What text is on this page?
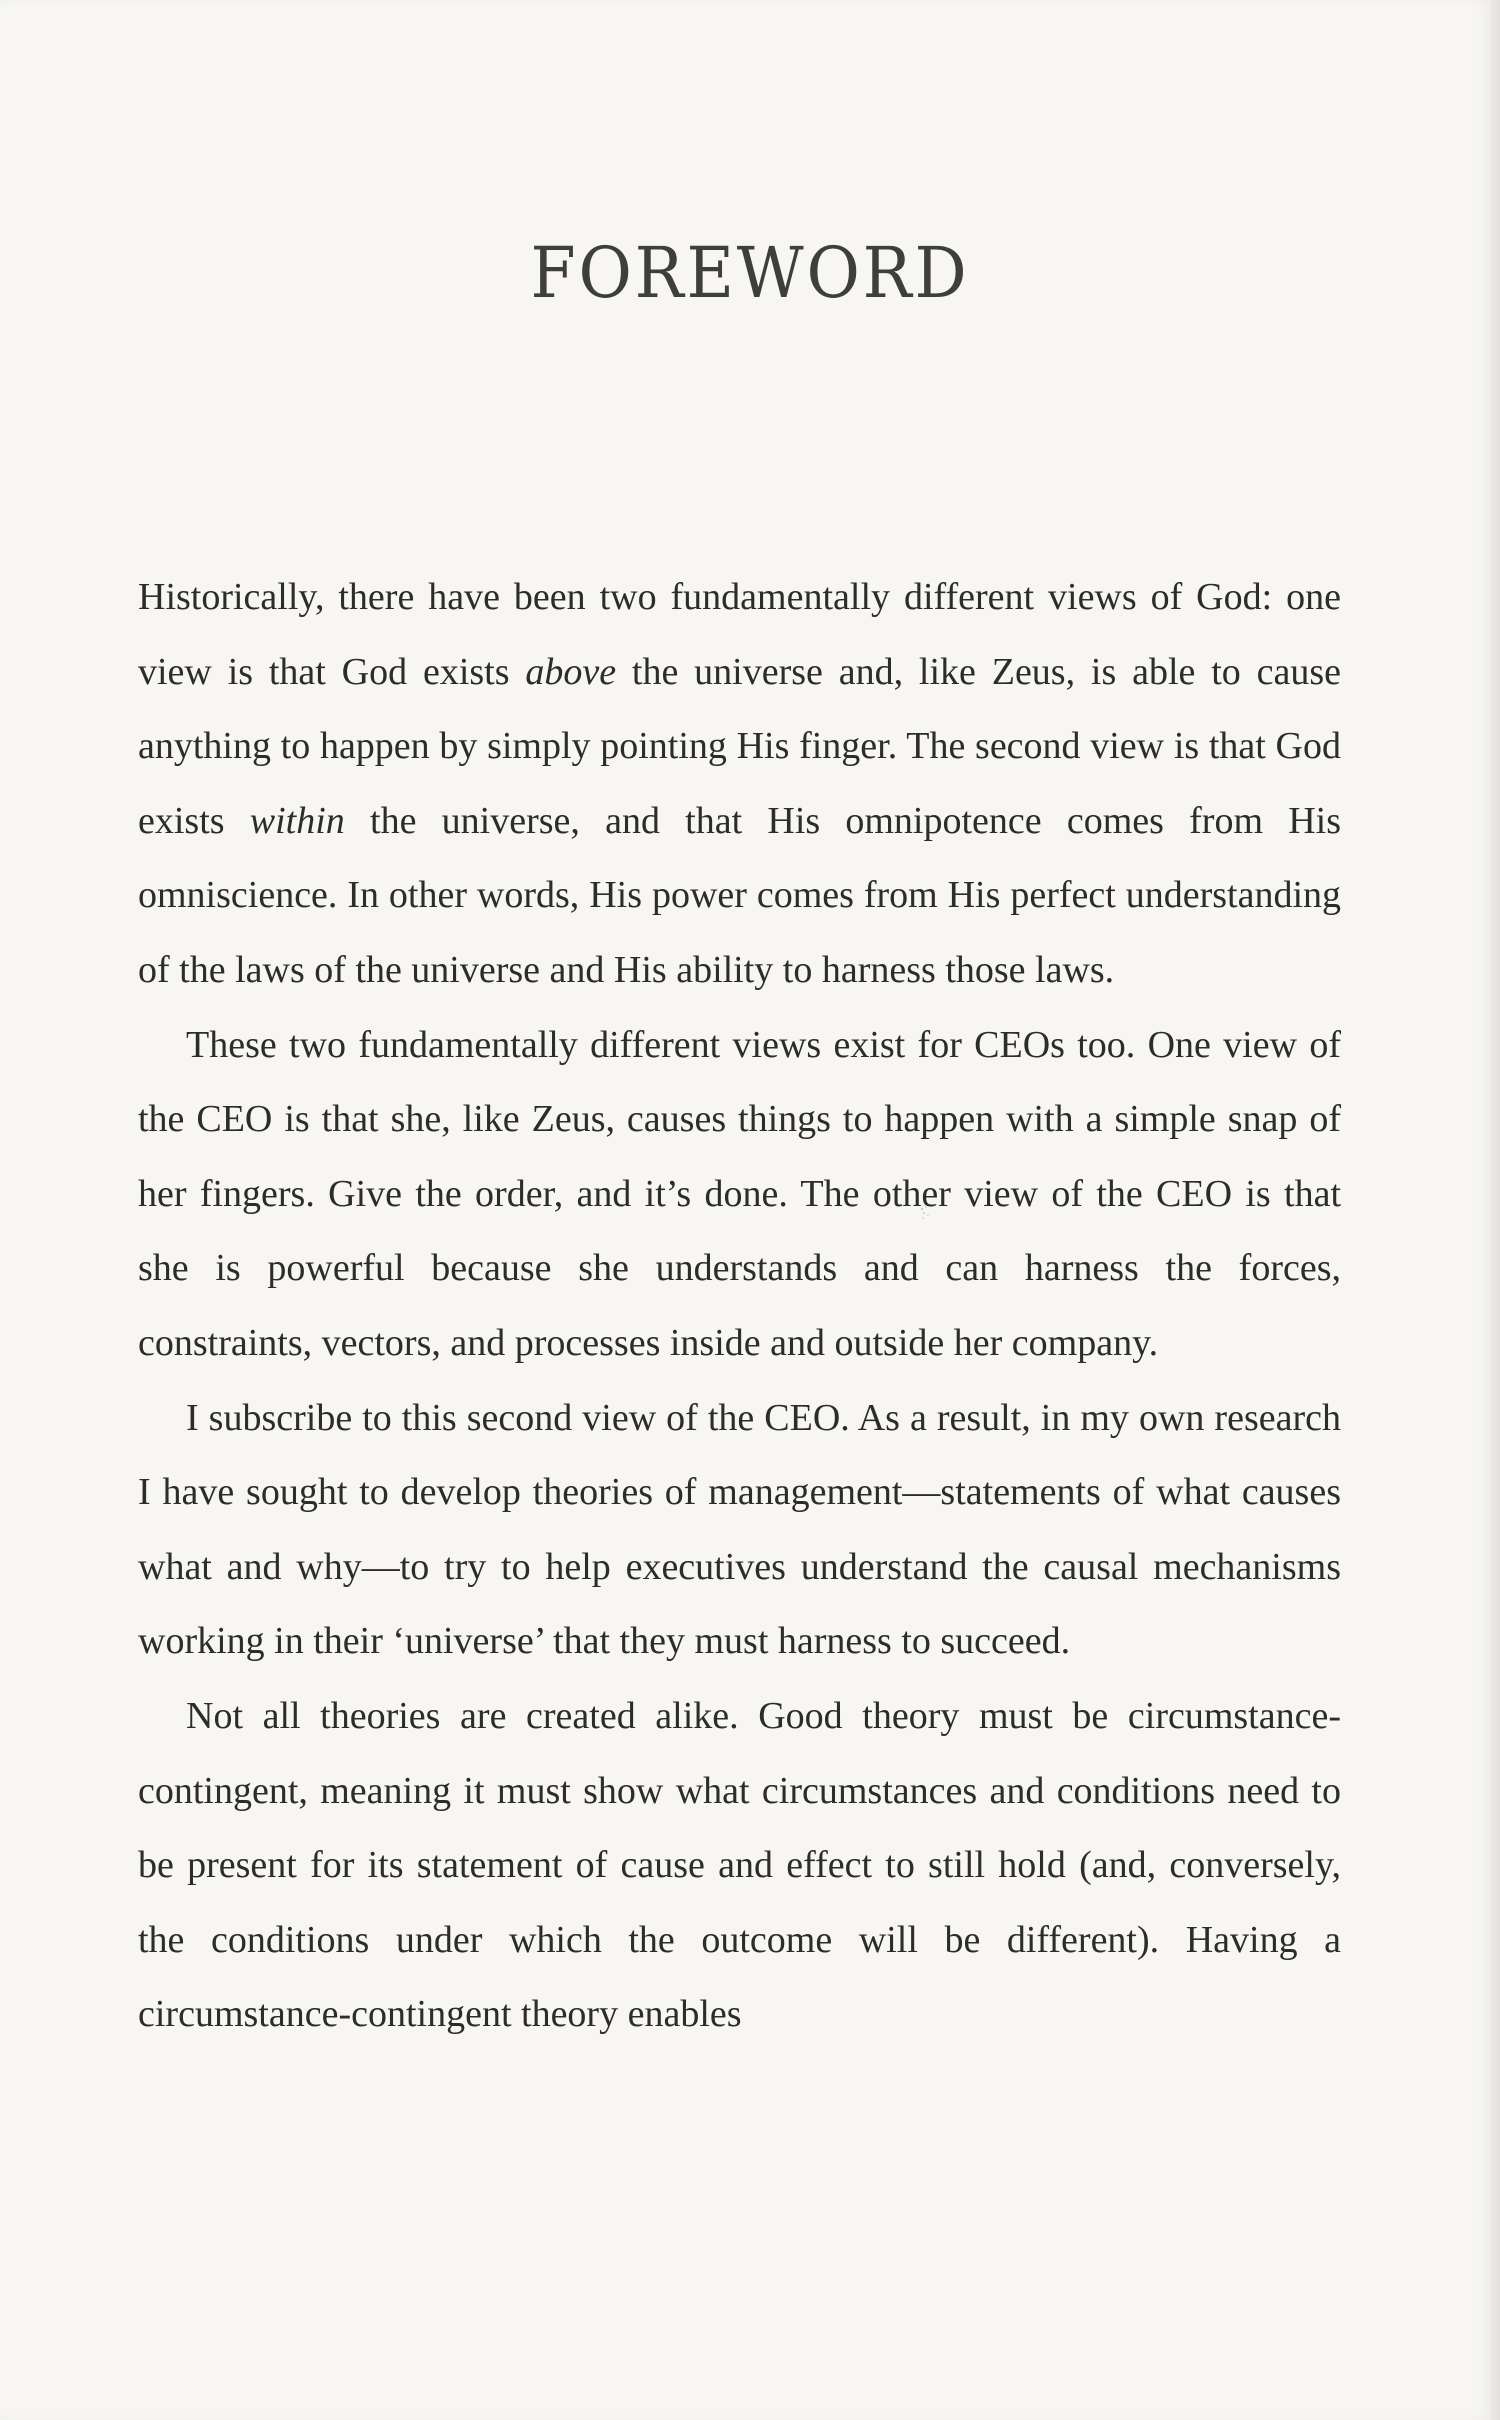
FOREWORD

Historically, there have been two fundamentally different views of God: one view is that God exists above the universe and, like Zeus, is able to cause anything to happen by simply pointing His finger. The second view is that God exists within the universe, and that His omnipotence comes from His omniscience. In other words, His power comes from His perfect understanding of the laws of the universe and His ability to harness those laws.

These two fundamentally different views exist for CEOs too. One view of the CEO is that she, like Zeus, causes things to happen with a simple snap of her fingers. Give the order, and it’s done. The other view of the CEO is that she is powerful because she understands and can harness the forces, constraints, vectors, and processes inside and outside her company.

I subscribe to this second view of the CEO. As a result, in my own research I have sought to develop theories of management—statements of what causes what and why—to try to help executives understand the causal mechanisms working in their ‘universe’ that they must harness to succeed.

Not all theories are created alike. Good theory must be circumstance-contingent, meaning it must show what circumstances and conditions need to be present for its statement of cause and effect to still hold (and, conversely, the conditions under which the outcome will be different). Having a circumstance-contingent theory enables
